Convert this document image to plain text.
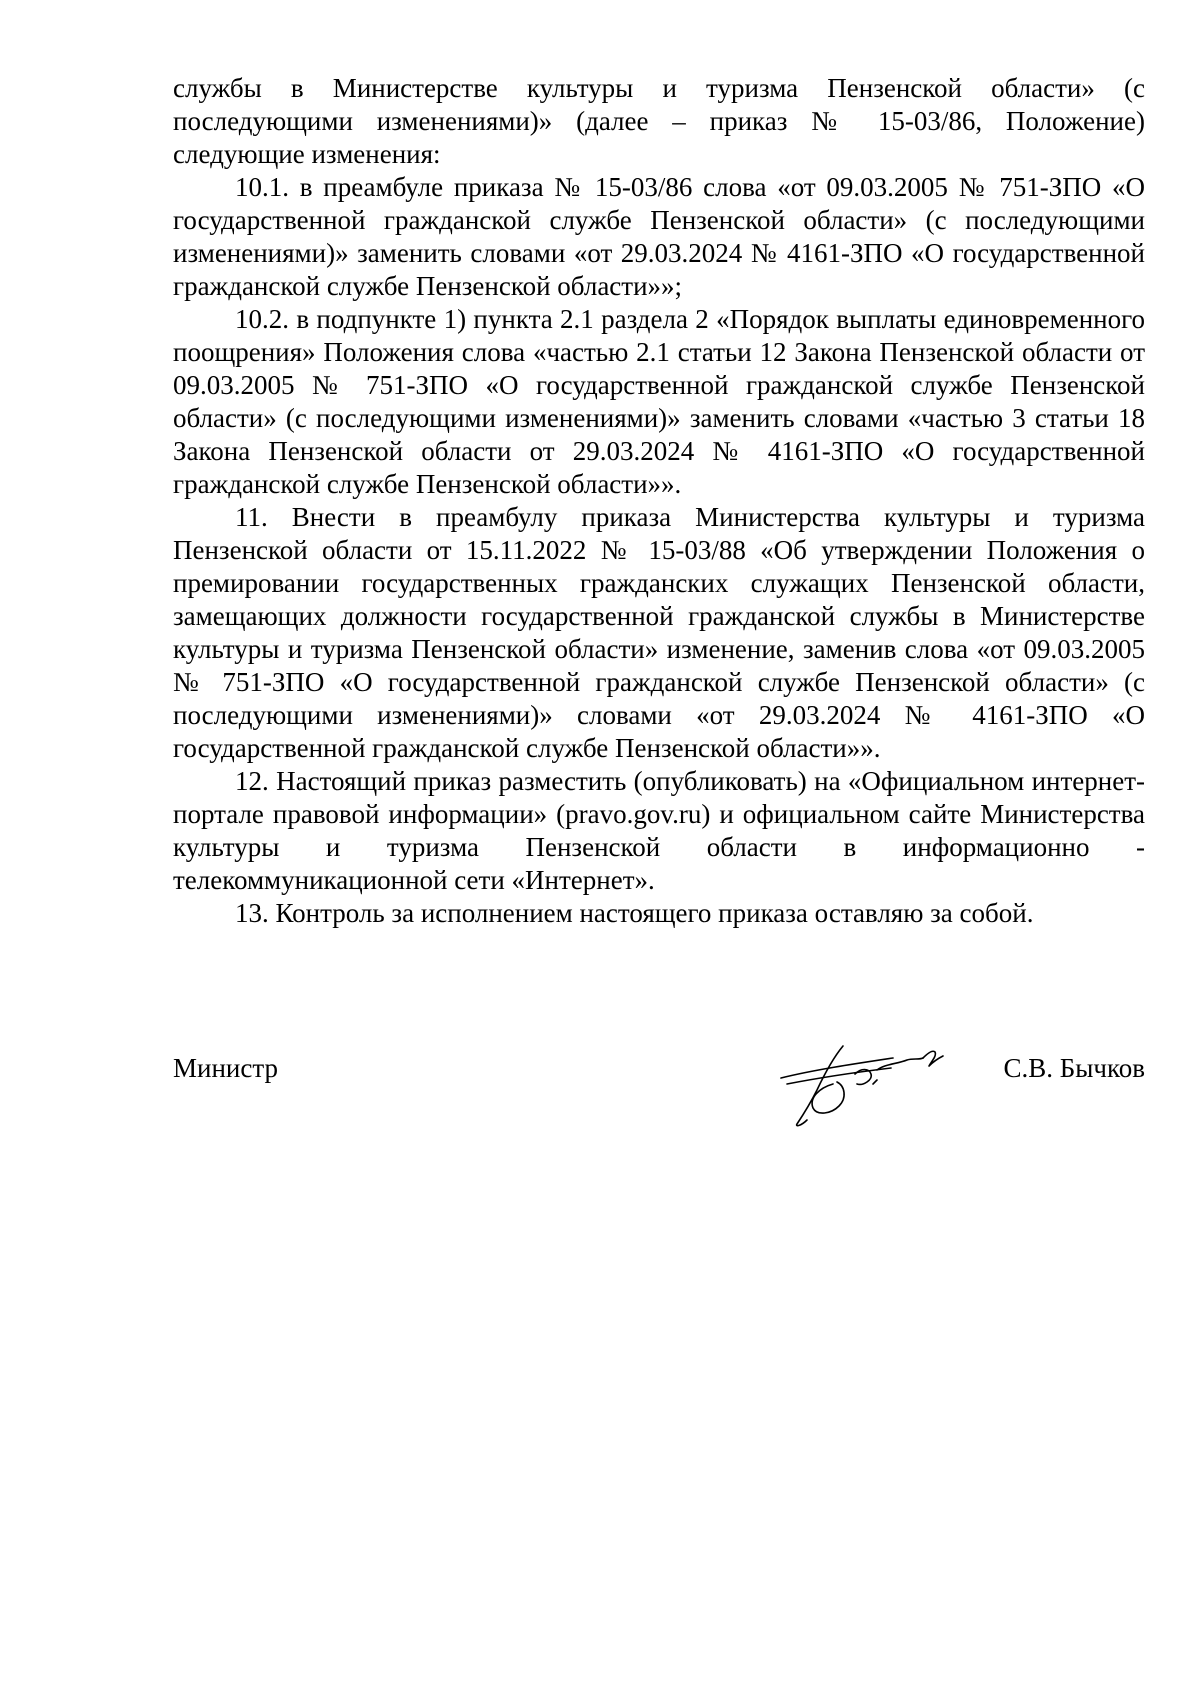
службы в Министерстве культуры и туризма Пензенской области» (с последующими изменениями)» (далее – приказ № 15-03/86, Положение) следующие изменения:

10.1. в преамбуле приказа № 15-03/86 слова «от 09.03.2005 № 751-ЗПО «О государственной гражданской службе Пензенской области» (с последующими изменениями)» заменить словами «от 29.03.2024 № 4161-ЗПО «О государственной гражданской службе Пензенской области»»;

10.2. в подпункте 1) пункта 2.1 раздела 2 «Порядок выплаты единовременного поощрения» Положения слова «частью 2.1 статьи 12 Закона Пензенской области от 09.03.2005 № 751-ЗПО «О государственной гражданской службе Пензенской области» (с последующими изменениями)» заменить словами «частью 3 статьи 18 Закона Пензенской области от 29.03.2024 № 4161-ЗПО «О государственной гражданской службе Пензенской области»».

11. Внести в преамбулу приказа Министерства культуры и туризма Пензенской области от 15.11.2022 № 15-03/88 «Об утверждении Положения о премировании государственных гражданских служащих Пензенской области, замещающих должности государственной гражданской службы в Министерстве культуры и туризма Пензенской области» изменение, заменив слова «от 09.03.2005 № 751-ЗПО «О государственной гражданской службе Пензенской области» (с последующими изменениями)» словами «от 29.03.2024 № 4161-ЗПО «О государственной гражданской службе Пензенской области»».

12. Настоящий приказ разместить (опубликовать) на «Официальном интернет-портале правовой информации» (pravo.gov.ru) и официальном сайте Министерства культуры и туризма Пензенской области в информационно - телекоммуникационной сети «Интернет».

13. Контроль за исполнением настоящего приказа оставляю за собой.

Министр	С.В. Бычков
